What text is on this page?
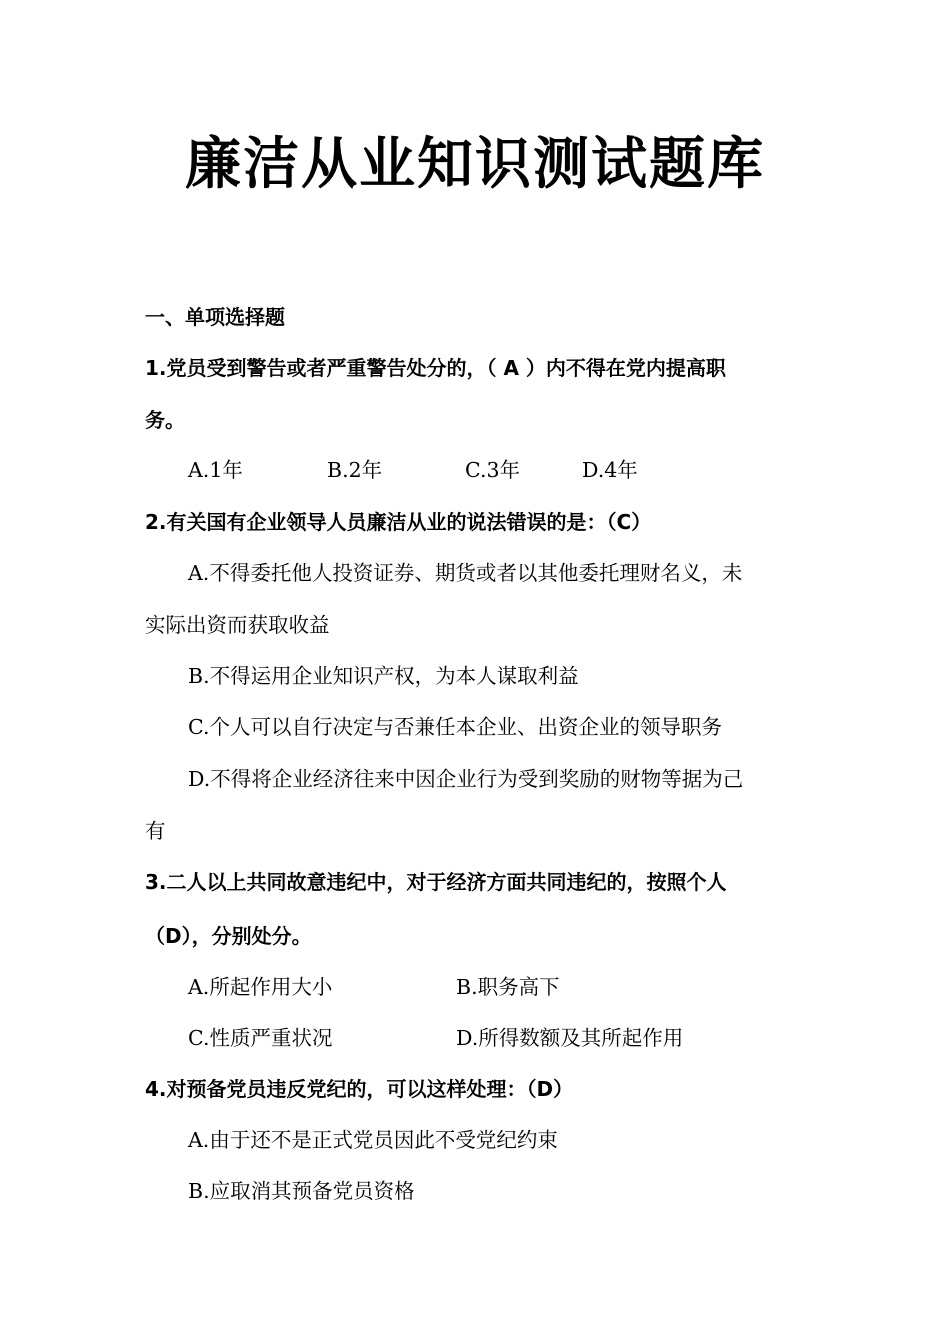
廉洁从业知识测试题库
一、单项选择题
1.党员受到警告或者严重警告处分的，（ A ）内不得在党内提高职
务。
A.1年	B.2年	C.3年	D.4年
2.有关国有企业领导人员廉洁从业的说法错误的是：（C）
A.不得委托他人投资证券、期货或者以其他委托理财名义，未
实际出资而获取收益
B.不得运用企业知识产权，为本人谋取利益
C.个人可以自行决定与否兼任本企业、出资企业的领导职务
D.不得将企业经济往来中因企业行为受到奖励的财物等据为己
有
3.二人以上共同故意违纪中，对于经济方面共同违纪的，按照个人
（D），分别处分。
A.所起作用大小	B.职务高下
C.性质严重状况	D.所得数额及其所起作用
4.对预备党员违反党纪的，可以这样处理：（D）
A.由于还不是正式党员因此不受党纪约束
B.应取消其预备党员资格
